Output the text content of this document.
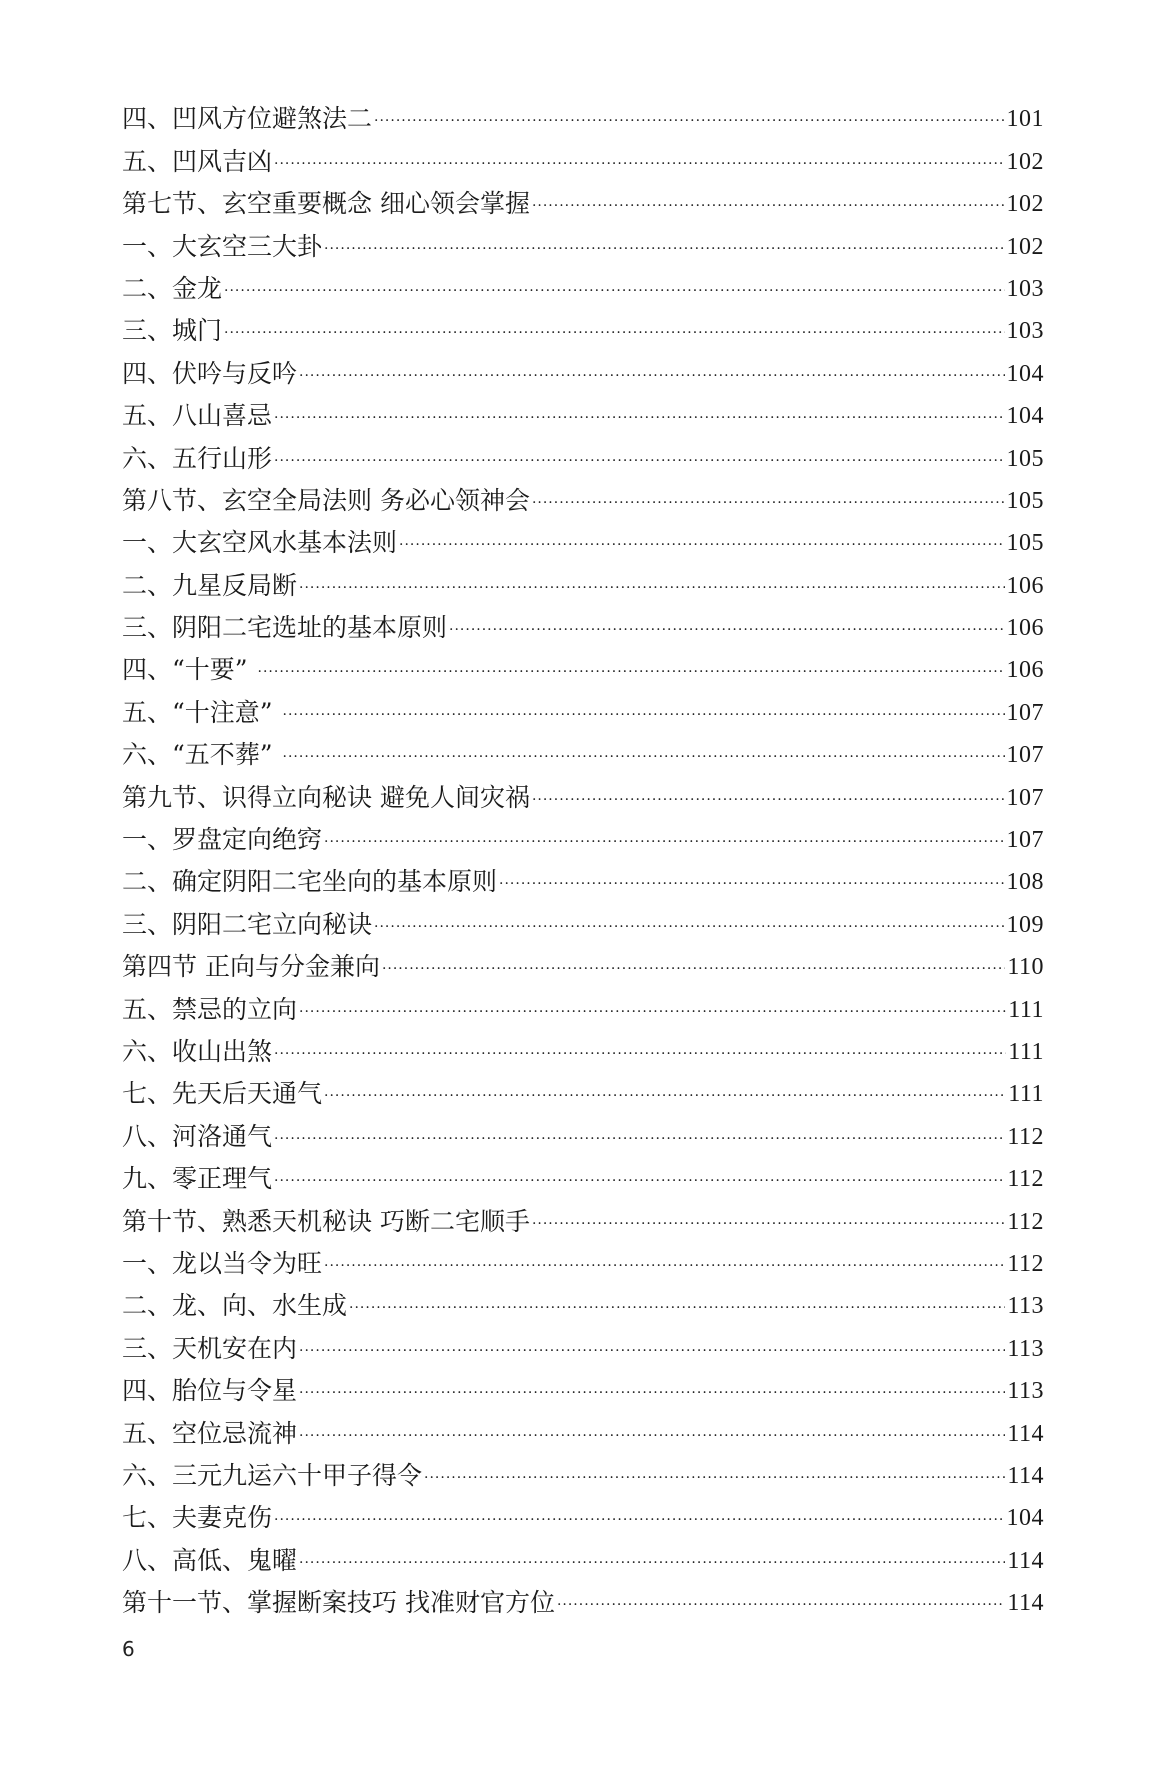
四、凹风方位避煞法二 ·····	101
五、凹风吉凶 ·····	102
第七节、玄空重要概念 细心领会掌握 ·····	102
一、大玄空三大卦 ·····	102
二、金龙 ·····	103
三、城门 ·····	103
四、伏吟与反吟 ·····	104
五、八山喜忌 ·····	104
六、五行山形 ·····	105
第八节、玄空全局法则 务必心领神会 ·····	105
一、大玄空风水基本法则 ·····	105
二、九星反局断 ·····	106
三、阴阳二宅选址的基本原则 ·····	106
四、“十要” ·····	106
五、“十注意” ·····	107
六、“五不葬” ·····	107
第九节、识得立向秘诀 避免人间灾祸 ·····	107
一、罗盘定向绝窍 ·····	107
二、确定阴阳二宅坐向的基本原则 ·····	108
三、阴阳二宅立向秘诀 ·····	109
第四节 正向与分金兼向 ·····	110
五、禁忌的立向 ·····	111
六、收山出煞 ·····	111
七、先天后天通气 ·····	111
八、河洛通气 ·····	112
九、零正理气 ·····	112
第十节、熟悉天机秘诀 巧断二宅顺手 ·····	112
一、龙以当令为旺 ·····	112
二、龙、向、水生成 ·····	113
三、天机安在内 ·····	113
四、胎位与令星 ·····	113
五、空位忌流神 ·····	114
六、三元九运六十甲子得令 ·····	114
七、夫妻克伤 ·····	104
八、高低、鬼曜 ·····	114
第十一节、掌握断案技巧 找准财官方位 ·····	114
6
